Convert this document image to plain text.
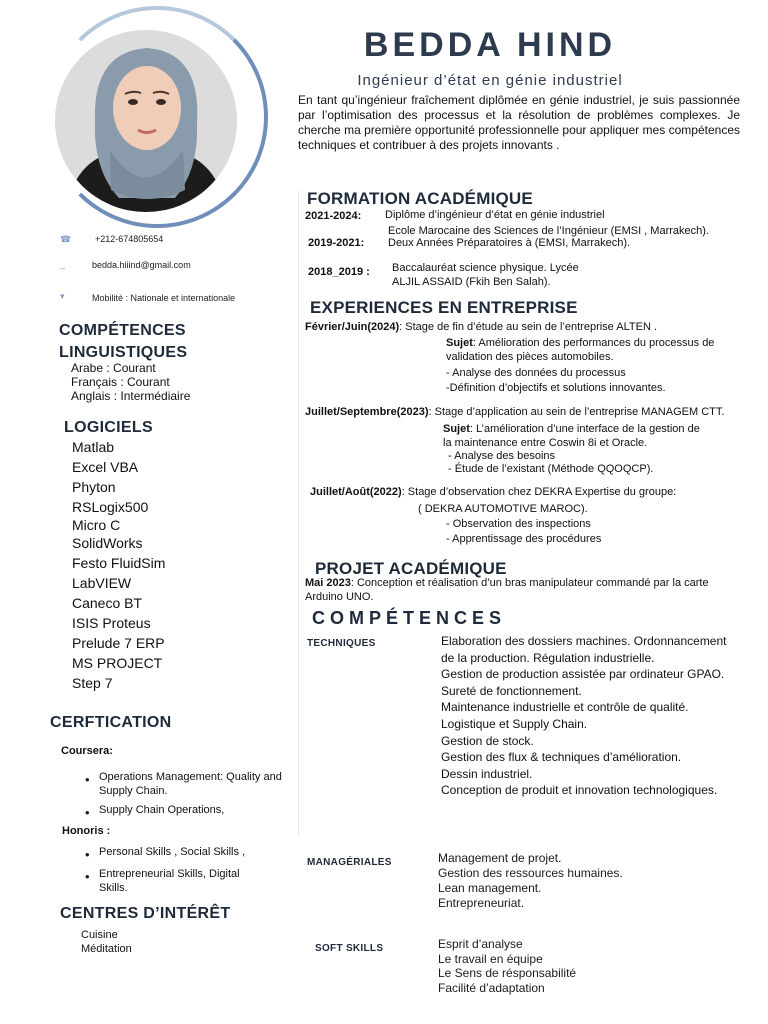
BEDDA HIND
Ingénieur d’état en génie industriel
En tant qu’ingénieur fraîchement diplômée en génie industriel, je suis passionnée par l’optimisation des processus et la résolution de problèmes complexes. Je cherche ma première opportunité professionnelle pour appliquer mes compétences techniques et contribuer à des projets innovants .
☎	+212-674805654
–	bedda.hiiind@gmail.com
▾	Mobilité : Nationale et internationale
COMPÉTENCES
LINGUISTIQUES
Arabe : Courant
Français : Courant
Anglais : Intermédiaire
LOGICIELS
Matlab
Excel VBA
Phyton
RSLogix500
Micro C
SolidWorks
Festo FluidSim
LabVIEW
Caneco BT
ISIS Proteus
Prelude 7 ERP
MS PROJECT
Step 7
CERFTICATION
Coursera:
• Operations Management: Quality and Supply Chain.
• Supply Chain Operations,
Honoris :
• Personal Skills , Social Skills ,
• Entrepreneurial Skills, Digital Skills.
CENTRES D’INTÉRÊT
Cuisine
Méditation
FORMATION ACADÉMIQUE
2021-2024: Diplôme d’ingénieur d’état en génie industriel
Ecole Marocaine des Sciences de l’Ingénieur (EMSI , Marrakech).
2019-2021: Deux Années Préparatoires à (EMSI, Marrakech).
2018_2019 : Baccalauréat science physique. Lycée
ALJIL ASSAID (Fkih Ben Salah).
EXPERIENCES EN ENTREPRISE
Février/Juin(2024): Stage de fin d’étude au sein de l’entreprise ALTEN .
Sujet: Amélioration des performances du processus de validation des pièces automobiles.
- Analyse des données du processus
-Définition d’objectifs et solutions innovantes.
Juillet/Septembre(2023): Stage d’application au sein de l’entreprise MANAGEM CTT.
Sujet: L’amélioration d’une interface de la gestion de la maintenance entre Coswin 8i et Oracle.
- Analyse des besoins
- Étude de l’existant (Méthode QQOQCP).
Juillet/Août(2022): Stage d’observation chez DEKRA Expertise du groupe:
( DEKRA AUTOMOTIVE MAROC).
- Observation des inspections
- Apprentissage des procédures
PROJET ACADÉMIQUE
Mai 2023: Conception et réalisation d’un bras manipulateur commandé par la carte Arduino UNO.
COMPÉTENCES
TECHNIQUES	Elaboration des dossiers machines. Ordonnancement
de la production. Régulation industrielle.
Gestion de production assistée par ordinateur GPAO.
Sureté de fonctionnement.
Maintenance industrielle et contrôle de qualité.
Logistique et Supply Chain.
Gestion de stock.
Gestion des flux & techniques d’amélioration.
Dessin industriel.
Conception de produit et innovation technologiques.
MANAGÉRIALES	Management de projet.
Gestion des ressources humaines.
Lean management.
Entrepreneuriat.
SOFT SKILLS	Esprit d’analyse
Le travail en équipe
Le Sens de résponsabilité
Facilité d’adaptation
